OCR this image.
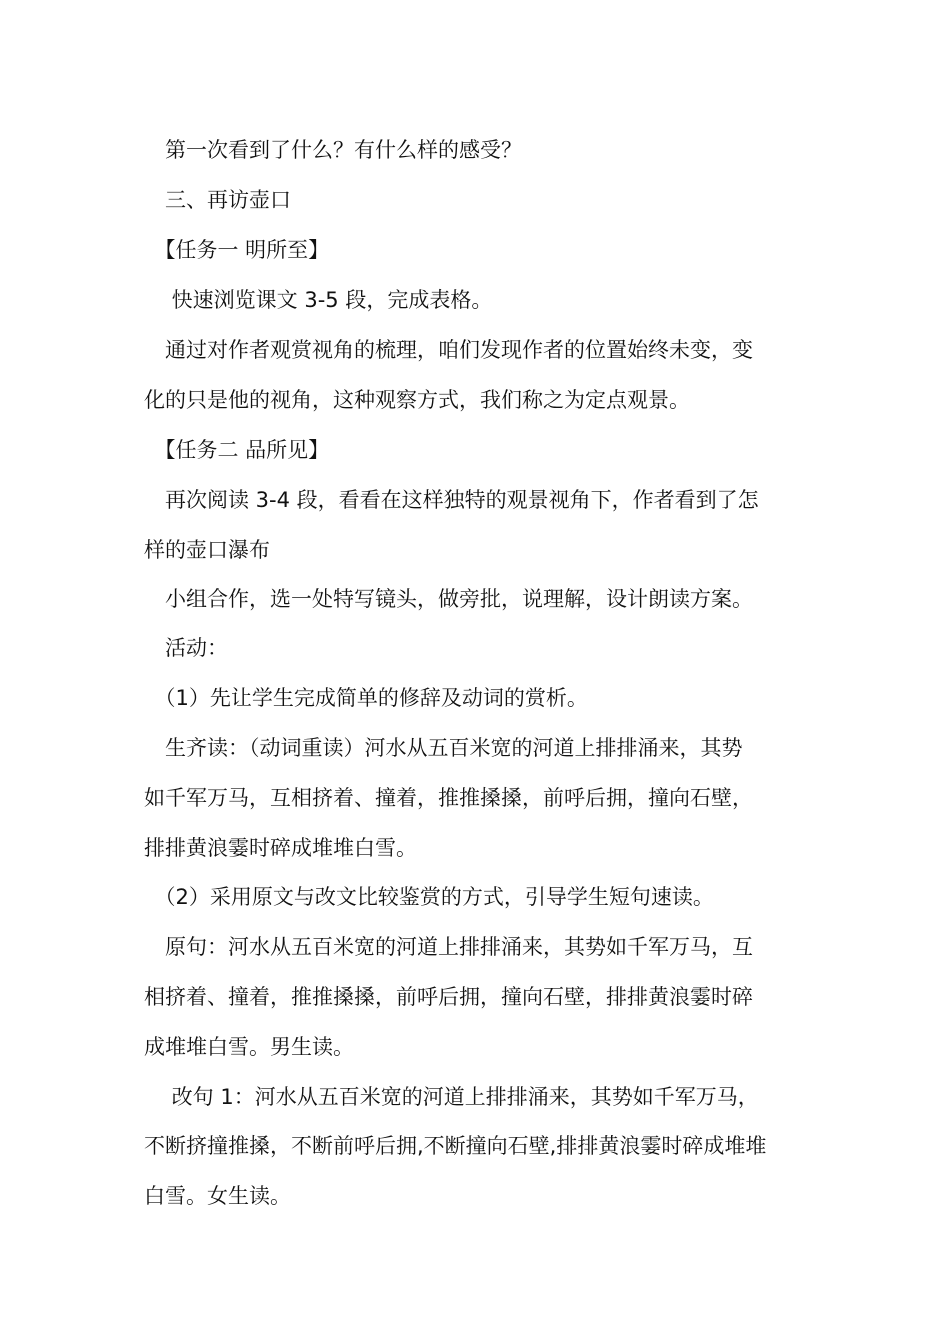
　第一次看到了什么？有什么样的感受？
　三、再访壶口
　【任务一 明所至】
　 快速浏览课文 3-5 段，完成表格。
　通过对作者观赏视角的梳理，咱们发现作者的位置始终未变，变
化的只是他的视角，这种观察方式，我们称之为定点观景。
　【任务二 品所见】
　再次阅读 3-4 段，看看在这样独特的观景视角下，作者看到了怎
样的壶口瀑布
　小组合作，选一处特写镜头，做旁批，说理解，设计朗读方案。
　活动：
　（1）先让学生完成简单的修辞及动词的赏析。
　生齐读：（动词重读）河水从五百米宽的河道上排排涌来，其势
如千军万马，互相挤着、撞着，推推搡搡，前呼后拥，撞向石壁，
排排黄浪霎时碎成堆堆白雪。
　（2）采用原文与改文比较鉴赏的方式，引导学生短句速读。
　原句：河水从五百米宽的河道上排排涌来，其势如千军万马，互
相挤着、撞着，推推搡搡，前呼后拥，撞向石壁，排排黄浪霎时碎
成堆堆白雪。男生读。
　 改句 1：河水从五百米宽的河道上排排涌来，其势如千军万马，
不断挤撞推搡，不断前呼后拥,不断撞向石壁,排排黄浪霎时碎成堆堆
白雪。女生读。
